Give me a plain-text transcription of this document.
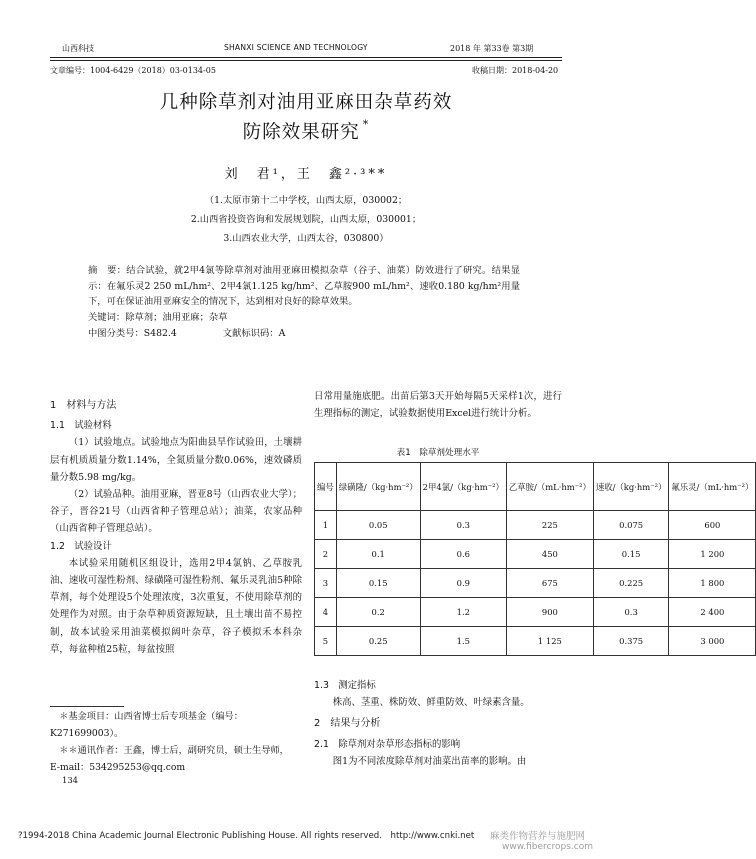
山西科技	SHANXI SCIENCE AND TECHNOLOGY	2018 年 第33卷 第3期
文章编号：1004-6429（2018）03-0134-05	收稿日期：2018-04-20
几种除草剂对油用亚麻田杂草药效
防除效果研究 *
刘　君¹，王　鑫²·³**
（1.太原市第十二中学校，山西太原，030002；
2.山西省投资咨询和发展规划院，山西太原，030001；
3.山西农业大学，山西太谷，030800）

摘　要：结合试验，就2甲4氯等除草剂对油用亚麻田模拟杂草（谷子、油菜）防效进行了研究。结果显示：在氟乐灵2 250 mL/hm²、2甲4氯1.125 kg/hm²、乙草胺900 mL/hm²、速收0.180 kg/hm²用量下，可在保证油用亚麻安全的情况下，达到相对良好的除草效果。

关键词：除草剂；油用亚麻；杂草

中图分类号：S482.4	文献标识码：A

1　材料与方法
1.1　试验材料

（1）试验地点。试验地点为阳曲县旱作试验田，土壤耕层有机质质量分数1.14%，全氮质量分数0.06%，速效磷质量分数5.98 mg/kg。

（2）试验品种。油用亚麻，晋亚8号（山西农业大学）；谷子，晋谷21号（山西省种子管理总站）；油菜，农家品种（山西省种子管理总站）。

1.2　试验设计

本试验采用随机区组设计，选用2甲4氯钠、乙草胺乳油、速收可湿性粉剂、绿磺隆可湿性粉剂、氟乐灵乳油5种除草剂，每个处理设5个处理浓度，3次重复，不使用除草剂的处理作为对照。由于杂草种质资源短缺，且土壤出苗不易控制，故本试验采用油菜模拟阔叶杂草，谷子模拟禾本科杂草，每盆种植25粒，每盆按照

＊基金项目：山西省博士后专项基金（编号：K271699003）。

＊＊通讯作者：王鑫，博士后，副研究员，硕士生导师，

E-mail：534295253@qq.com

134

日常用量施底肥。出苗后第3天开始每隔5天采样1次，进行生理指标的测定，试验数据使用Excel进行统计分析。

表1　除草剂处理水平
编号	绿磺隆/（kg·hm⁻²）	2甲4氯/（kg·hm⁻²）	乙草胺/（mL·hm⁻²）	速收/（kg·hm⁻²）	氟乐灵/（mL·hm⁻²）
1	0.05	0.3	225	0.075	600
2	0.1	0.6	450	0.15	1 200
3	0.15	0.9	675	0.225	1 800
4	0.2	1.2	900	0.3	2 400
5	0.25	1.5	1 125	0.375	3 000
1.3　测定指标

株高、茎重、株防效、鲜重防效、叶绿素含量。

2　结果与分析
2.1　除草剂对杂草形态指标的影响

图1为不同浓度除草剂对油菜出苗率的影响。由

?1994-2018 China Academic Journal Electronic Publishing House. All rights reserved.　http://www.cnki.net 麻类作物营养与施肥网
www.fibercrops.com
